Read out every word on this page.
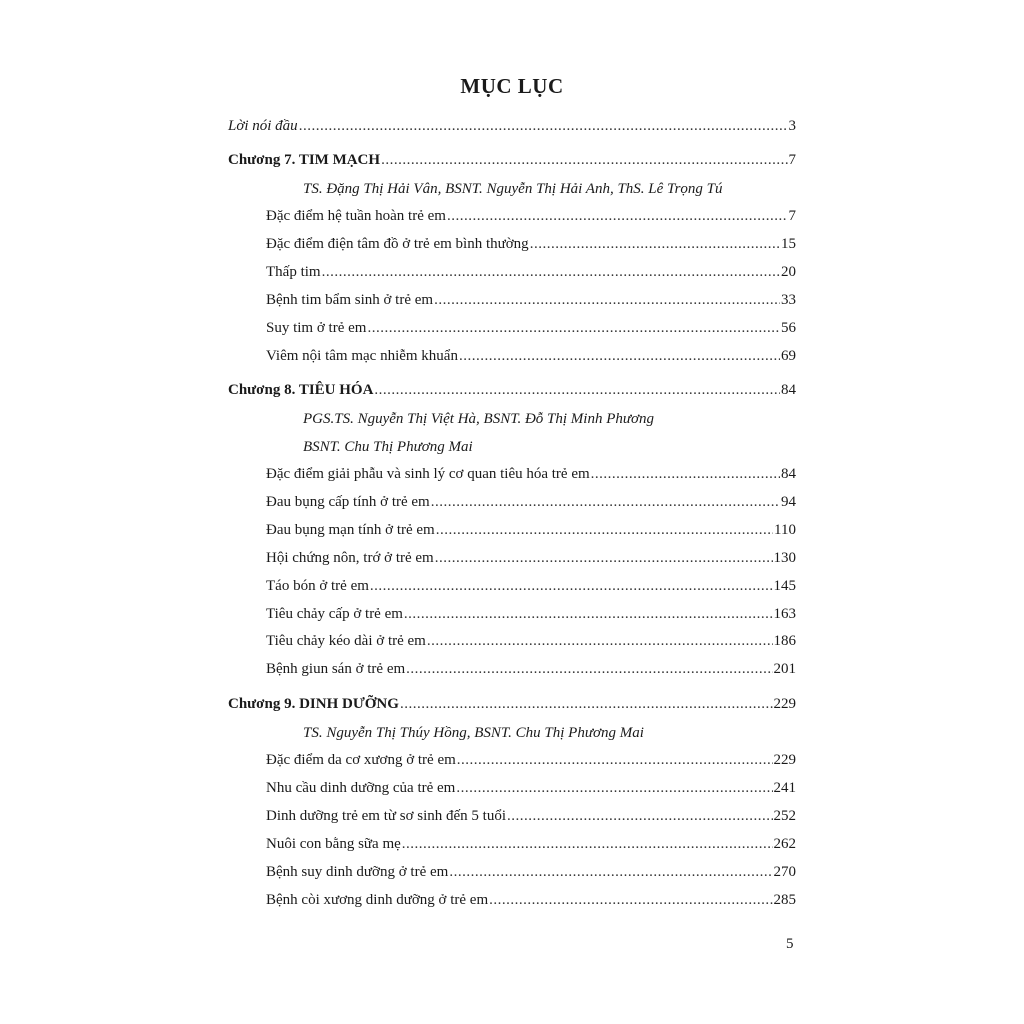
MỤC LỤC
Lời nói đầu .....	3
Chương 7. TIM MẠCH .....	7
TS. Đặng Thị Hải Vân, BSNT. Nguyễn Thị Hải Anh, ThS. Lê Trọng Tú
Đặc điểm hệ tuần hoàn trẻ em .....	7
Đặc điểm điện tâm đồ ở trẻ em bình thường .....	15
Thấp tim .....	20
Bệnh tim bẩm sinh ở trẻ em .....	33
Suy tim ở trẻ em .....	56
Viêm nội tâm mạc nhiễm khuẩn .....	69
Chương 8. TIÊU HÓA .....	84
PGS.TS. Nguyễn Thị Việt Hà, BSNT. Đỗ Thị Minh Phương
BSNT. Chu Thị Phương Mai
Đặc điểm giải phẫu và sinh lý cơ quan tiêu hóa trẻ em .....	84
Đau bụng cấp tính ở trẻ em .....	94
Đau bụng mạn tính ở trẻ em .....	110
Hội chứng nôn, trớ ở trẻ em .....	130
Táo bón ở trẻ em .....	145
Tiêu chảy cấp ở trẻ em .....	163
Tiêu chảy kéo dài ở trẻ em .....	186
Bệnh giun sán ở trẻ em .....	201
Chương 9. DINH DƯỠNG .....	229
TS. Nguyễn Thị Thúy Hồng, BSNT. Chu Thị Phương Mai
Đặc điểm da cơ xương ở trẻ em .....	229
Nhu cầu dinh dưỡng của trẻ em .....	241
Dinh dưỡng trẻ em từ sơ sinh đến 5 tuổi .....	252
Nuôi con bằng sữa mẹ .....	262
Bệnh suy dinh dưỡng ở trẻ em .....	270
Bệnh còi xương dinh dưỡng ở trẻ em .....	285
5
